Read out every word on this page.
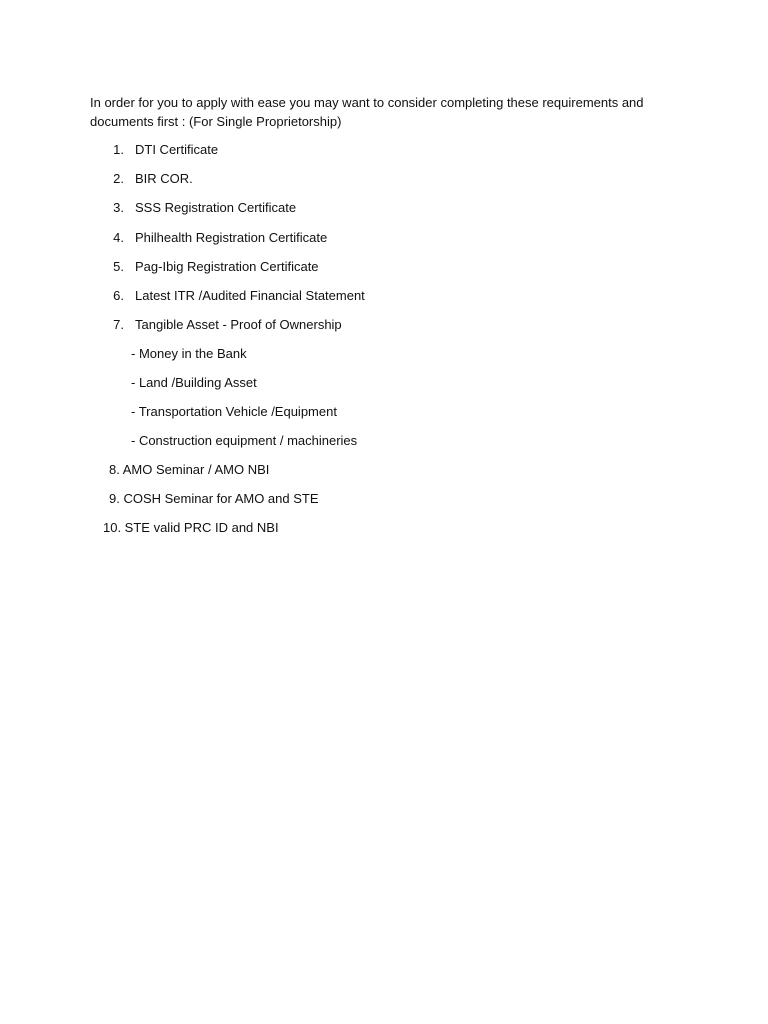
In order for you to apply with ease you may want to consider completing these requirements and documents first : (For Single Proprietorship)

1. DTI Certificate
2. BIR COR.
3. SSS Registration Certificate
4. Philhealth Registration Certificate
5. Pag-Ibig Registration Certificate
6. Latest ITR /Audited Financial Statement
7. Tangible Asset - Proof of Ownership
- Money in the Bank
- Land /Building Asset
- Transportation Vehicle /Equipment
- Construction equipment / machineries
8. AMO Seminar / AMO NBI
9. COSH Seminar for AMO and STE
10. STE valid PRC ID and NBI
